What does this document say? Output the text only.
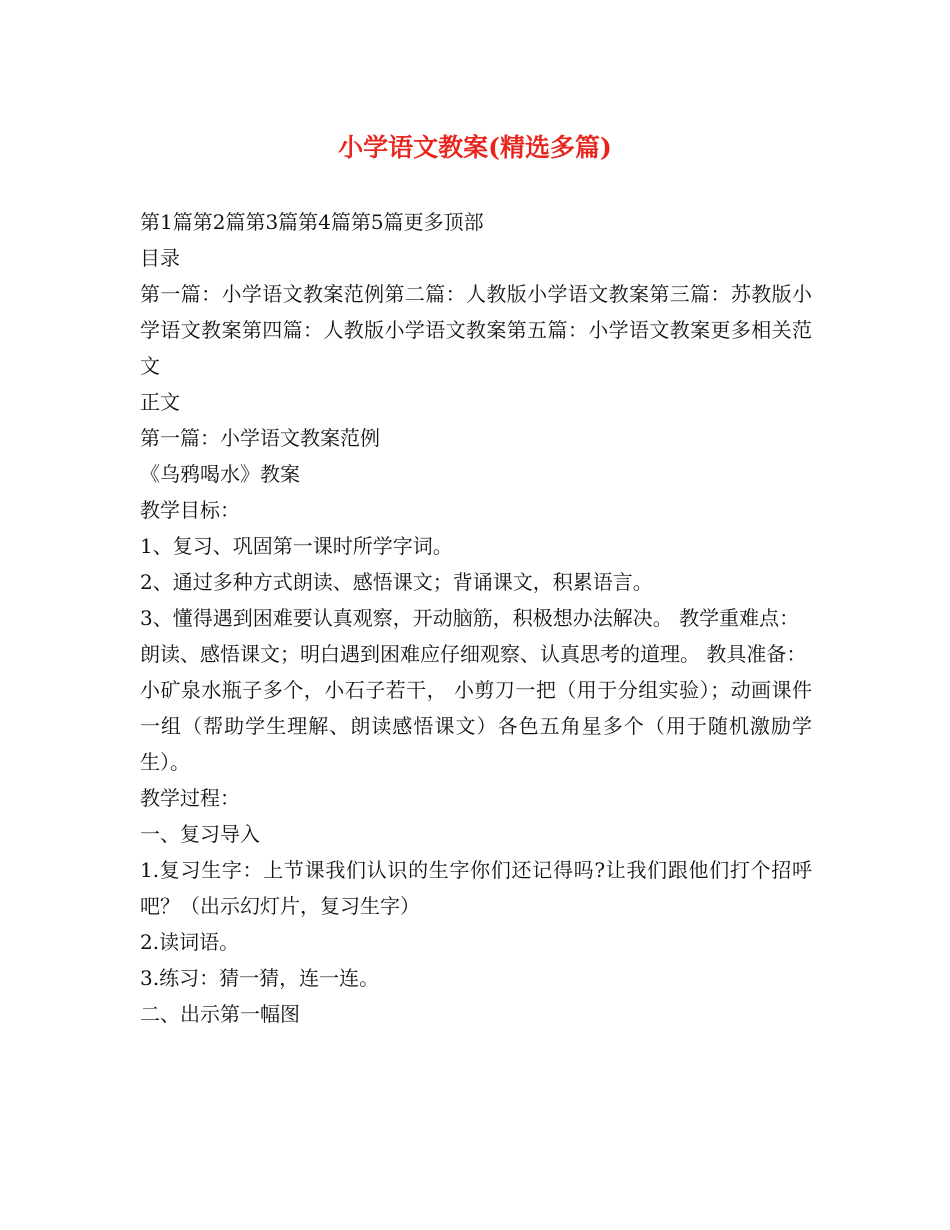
小学语文教案(精选多篇)

第1篇第2篇第3篇第4篇第5篇更多顶部

目录

第一篇：小学语文教案范例第二篇：人教版小学语文教案第三篇：苏教版小学语文教案第四篇：人教版小学语文教案第五篇：小学语文教案更多相关范文

正文

第一篇：小学语文教案范例

《乌鸦喝水》教案

教学目标：

1、复习、巩固第一课时所学字词。

2、通过多种方式朗读、感悟课文；背诵课文，积累语言。

3、懂得遇到困难要认真观察，开动脑筋，积极想办法解决。 教学重难点：

朗读、感悟课文；明白遇到困难应仔细观察、认真思考的道理。 教具准备：

小矿泉水瓶子多个，小石子若干， 小剪刀一把（用于分组实验）；动画课件一组（帮助学生理解、朗读感悟课文）各色五角星多个（用于随机激励学生）。

教学过程：

一、复习导入

1.复习生字：上节课我们认识的生字你们还记得吗?让我们跟他们打个招呼吧？（出示幻灯片，复习生字）

2.读词语。

3.练习：猜一猜，连一连。

二、出示第一幅图
